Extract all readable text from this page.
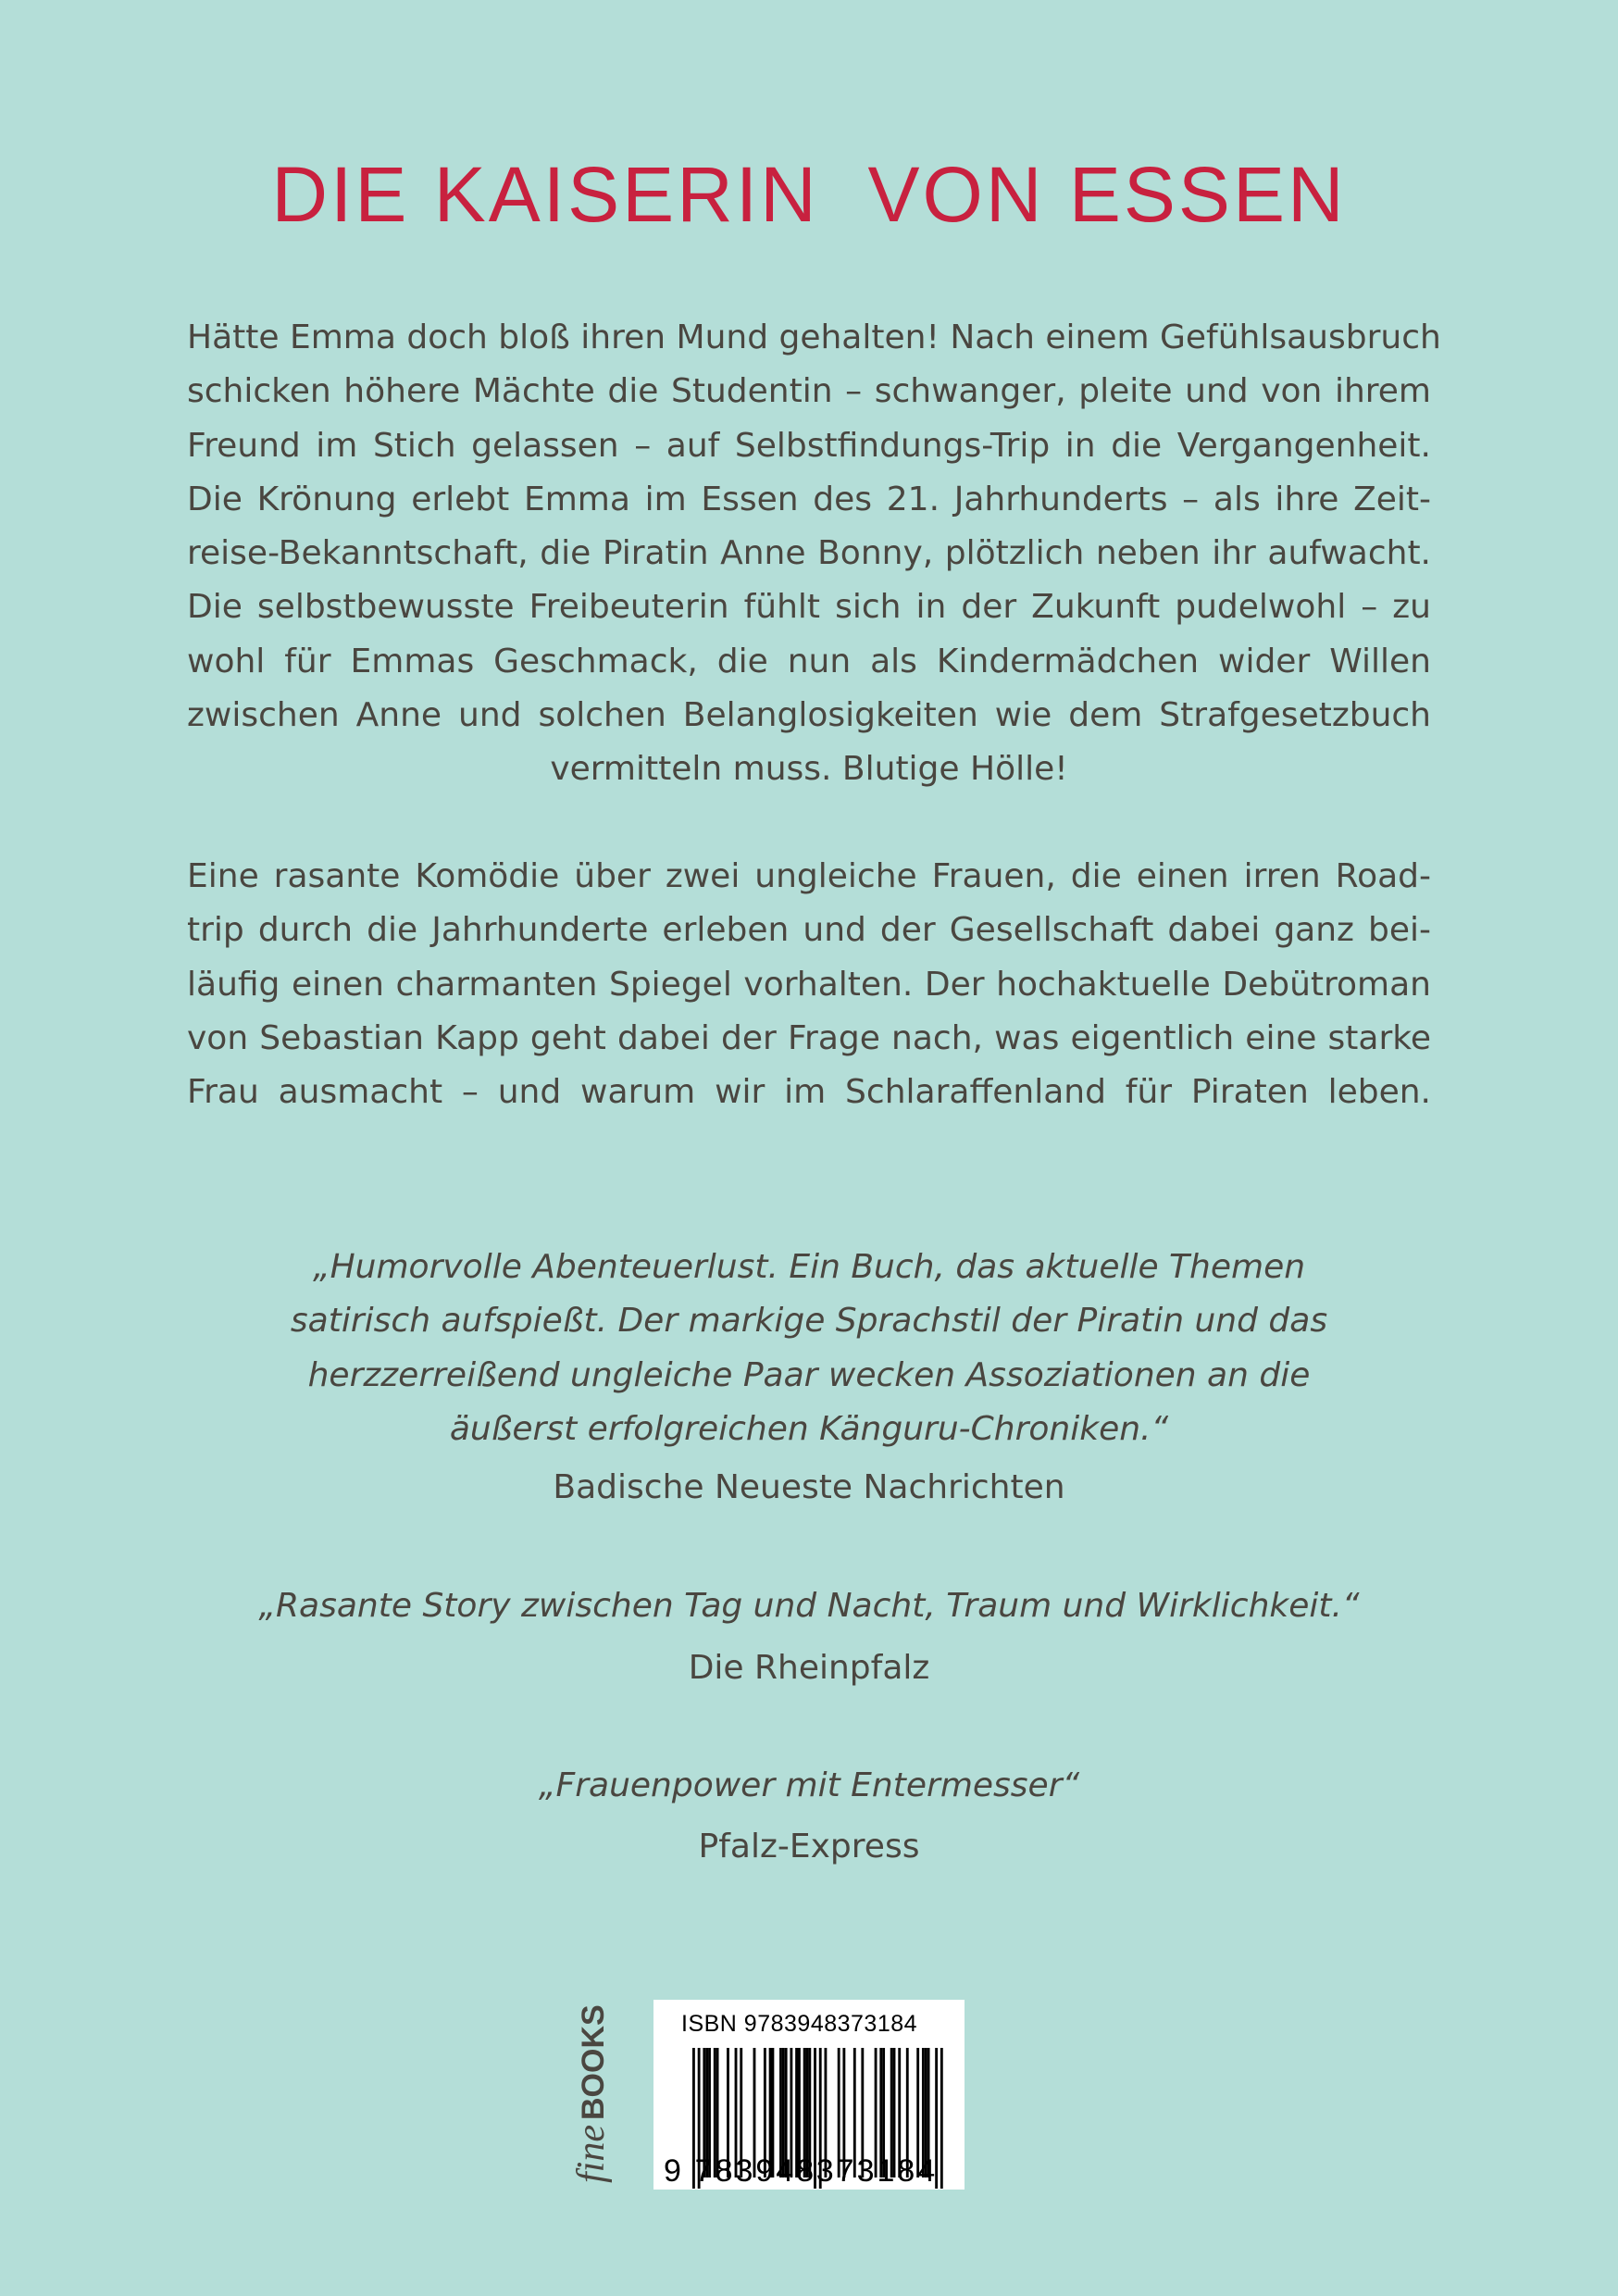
DIE KAISERIN  VON ESSEN
Hätte Emma doch bloß ihren Mund gehalten! Nach einem Gefühlsausbruch
schicken höhere Mächte die Studentin – schwanger, pleite und von ihrem
Freund im Stich gelassen – auf Selbstfindungs-Trip in die Vergangenheit.
Die Krönung erlebt Emma im Essen des 21. Jahrhunderts – als ihre Zeit-
reise-Bekanntschaft, die Piratin Anne Bonny, plötzlich neben ihr aufwacht.
Die selbstbewusste Freibeuterin fühlt sich in der Zukunft pudelwohl – zu
wohl für Emmas Geschmack, die nun als Kindermädchen wider Willen
zwischen Anne und solchen Belanglosigkeiten wie dem Strafgesetzbuch
vermitteln muss. Blutige Hölle!
Eine rasante Komödie über zwei ungleiche Frauen, die einen irren Road-
trip durch die Jahrhunderte erleben und der Gesellschaft dabei ganz bei-
läufig einen charmanten Spiegel vorhalten. Der hochaktuelle Debütroman
von Sebastian Kapp geht dabei der Frage nach, was eigentlich eine starke
Frau ausmacht – und warum wir im Schlaraffenland für Piraten leben.
„Humorvolle Abenteuerlust. Ein Buch, das aktuelle Themen
satirisch aufspießt. Der markige Sprachstil der Piratin und das
herzzerreißend ungleiche Paar wecken Assoziationen an die
äußerst erfolgreichen Känguru-Chroniken.“
Badische Neueste Nachrichten
„Rasante Story zwischen Tag und Nacht, Traum und Wirklichkeit.“
Die Rheinpfalz
„Frauenpower mit Entermesser“
Pfalz-Express
fine
BOOKS
9 783948 373184
ISBN 9783948373184
